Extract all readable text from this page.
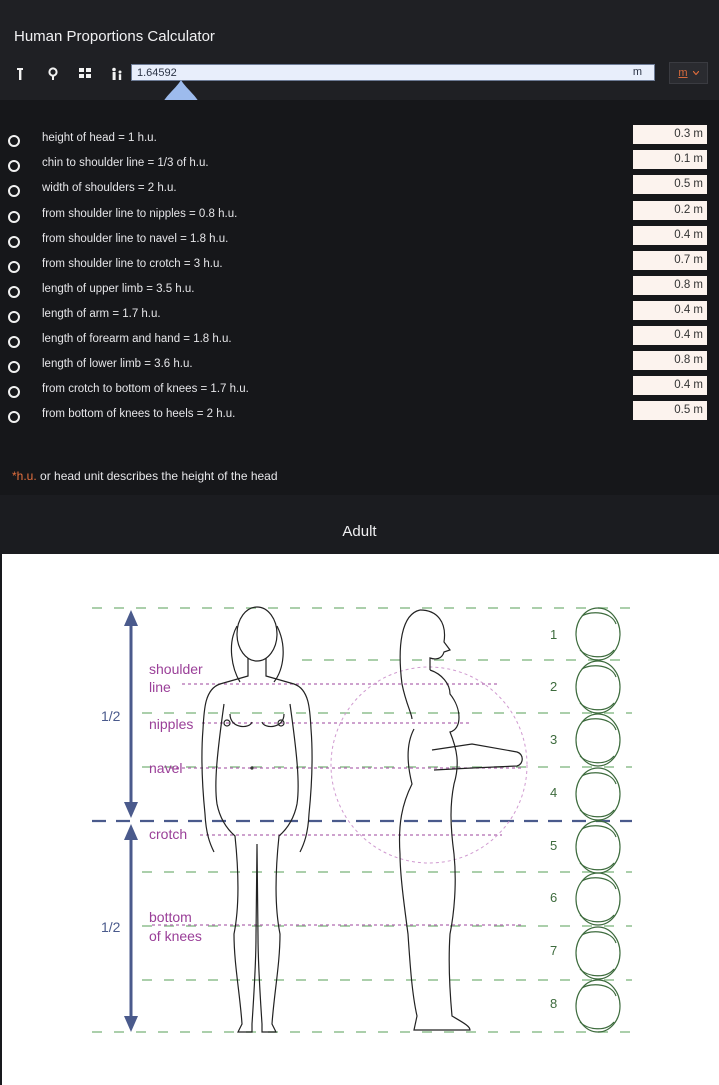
Human Proportions Calculator
1.64592
m	m
height of head = 1 h.u.	0.3 m
chin to shoulder line = 1/3 of h.u.	0.1 m
width of shoulders = 2 h.u.	0.5 m
from shoulder line to nipples = 0.8 h.u.	0.2 m
from shoulder line to navel = 1.8 h.u.	0.4 m
from shoulder line to crotch = 3 h.u.	0.7 m
length of upper limb = 3.5 h.u.	0.8 m
length of arm = 1.7 h.u.	0.4 m
length of forearm and hand = 1.8 h.u.	0.4 m
length of lower limb = 3.6 h.u.	0.8 m
from crotch to bottom of knees = 1.7 h.u.	0.4 m
from bottom of knees to heels = 2 h.u.	0.5 m
*h.u. or head unit describes the height of the head
Adult
1/2
1/2
shoulder
line
nipples
navel
crotch
bottom
of knees
1
2
3
4
5
6
7
8
